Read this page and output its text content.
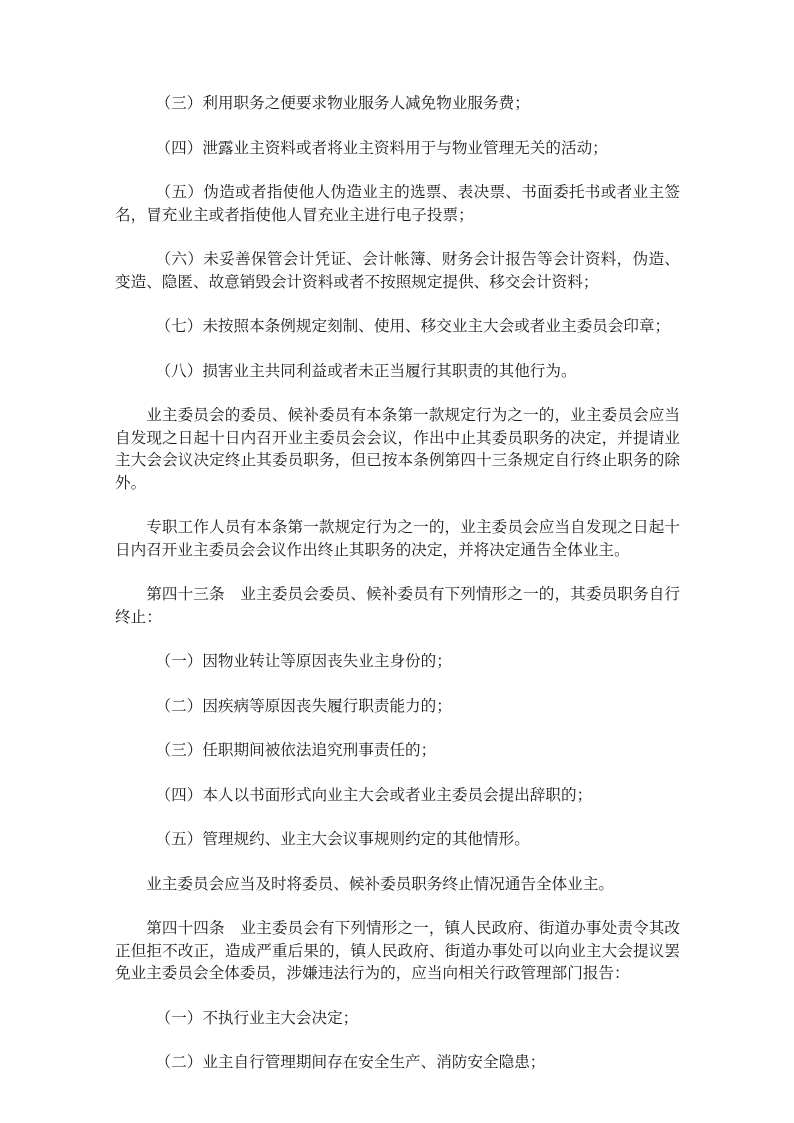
（三）利用职务之便要求物业服务人减免物业服务费；

（四）泄露业主资料或者将业主资料用于与物业管理无关的活动；

（五）伪造或者指使他人伪造业主的选票、表决票、书面委托书或者业主签名，冒充业主或者指使他人冒充业主进行电子投票；

（六）未妥善保管会计凭证、会计帐簿、财务会计报告等会计资料，伪造、变造、隐匿、故意销毁会计资料或者不按照规定提供、移交会计资料；

（七）未按照本条例规定刻制、使用、移交业主大会或者业主委员会印章；

（八）损害业主共同利益或者未正当履行其职责的其他行为。

业主委员会的委员、候补委员有本条第一款规定行为之一的，业主委员会应当自发现之日起十日内召开业主委员会会议，作出中止其委员职务的决定，并提请业主大会会议决定终止其委员职务，但已按本条例第四十三条规定自行终止职务的除外。

专职工作人员有本条第一款规定行为之一的，业主委员会应当自发现之日起十日内召开业主委员会会议作出终止其职务的决定，并将决定通告全体业主。

第四十三条　业主委员会委员、候补委员有下列情形之一的，其委员职务自行终止：

（一）因物业转让等原因丧失业主身份的；

（二）因疾病等原因丧失履行职责能力的；

（三）任职期间被依法追究刑事责任的；

（四）本人以书面形式向业主大会或者业主委员会提出辞职的；

（五）管理规约、业主大会议事规则约定的其他情形。

业主委员会应当及时将委员、候补委员职务终止情况通告全体业主。

第四十四条　业主委员会有下列情形之一，镇人民政府、街道办事处责令其改正但拒不改正，造成严重后果的，镇人民政府、街道办事处可以向业主大会提议罢免业主委员会全体委员，涉嫌违法行为的，应当向相关行政管理部门报告：

（一）不执行业主大会决定；

（二）业主自行管理期间存在安全生产、消防安全隐患；
